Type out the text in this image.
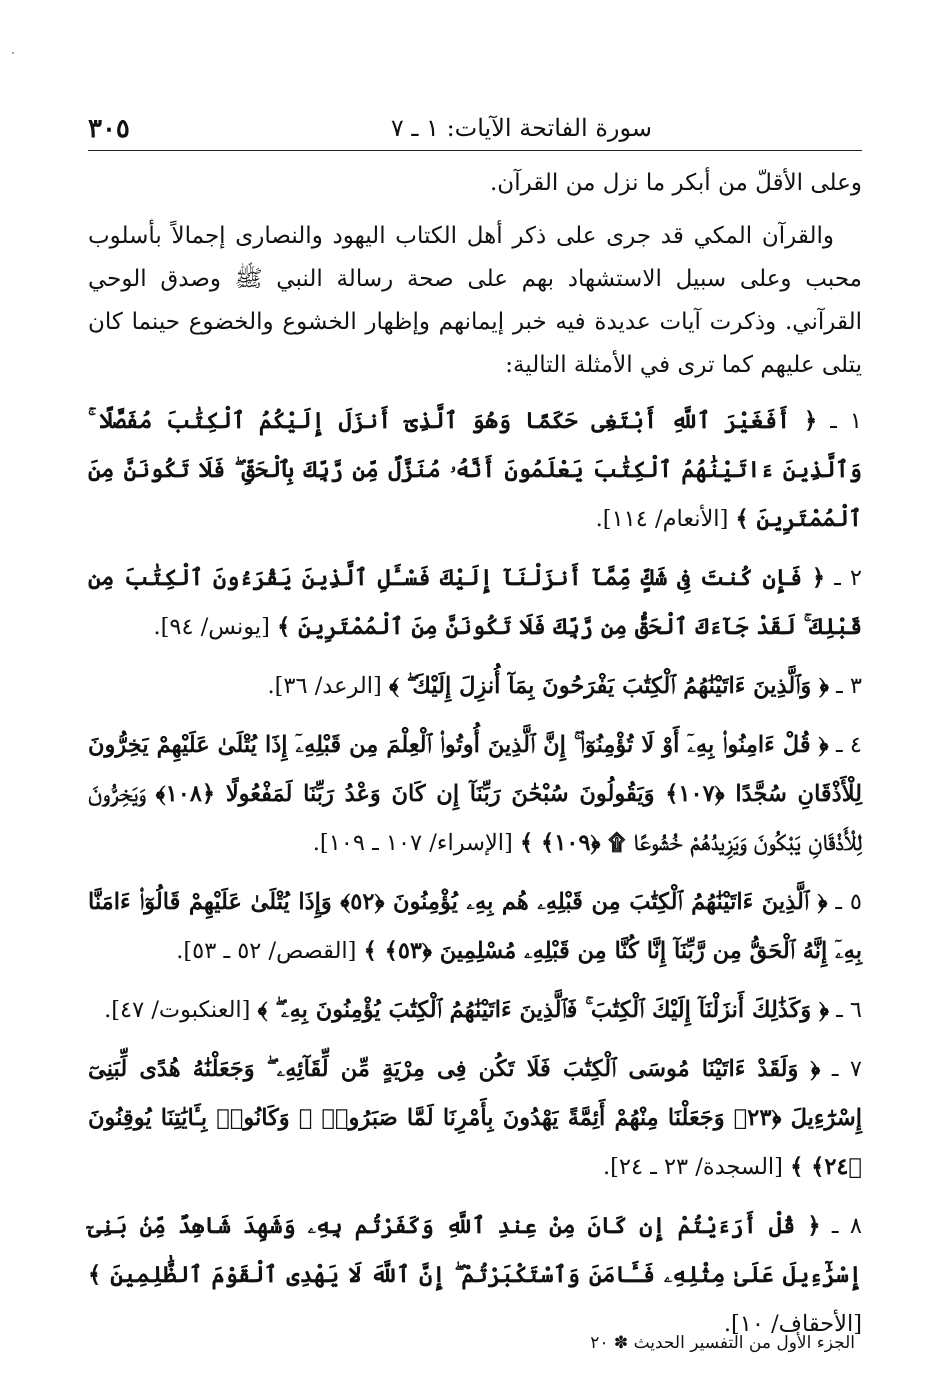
سورة الفاتحة الآيات: ١ ـ ٧
٣٠٥

وعلى الأقلّ من أبكر ما نزل من القرآن.

والقرآن المكي قد جرى على ذكر أهل الكتاب اليهود والنصارى إجمالاً بأسلوب محبب وعلى سبيل الاستشهاد بهم على صحة رسالة النبي ﷺ وصدق الوحي القرآني. وذكرت آيات عديدة فيه خبر إيمانهم وإظهار الخشوع والخضوع حينما كان يتلى عليهم كما ترى في الأمثلة التالية:

١ ـ ﴿ أَفَغَيْرَ ٱللَّهِ أَبْتَغِى حَكَمًا وَهُوَ ٱلَّذِىٓ أَنزَلَ إِلَيْكُمُ ٱلْكِتَٰبَ مُفَصَّلًا ۚ وَٱلَّذِينَ ءَاتَيْنَٰهُمُ ٱلْكِتَٰبَ يَعْلَمُونَ أَنَّهُۥ مُنَزَّلٌ مِّن رَّبِّكَ بِٱلْحَقِّ ۖ فَلَا تَكُونَنَّ مِنَ ٱلْمُمْتَرِينَ ﴾ [الأنعام/ ١١٤].

٢ ـ ﴿ فَإِن كُنتَ فِى شَكٍّ مِّمَّآ أَنزَلْنَآ إِلَيْكَ فَسْـَٔلِ ٱلَّذِينَ يَقْرَءُونَ ٱلْكِتَٰبَ مِن قَبْلِكَ ۚ لَقَدْ جَآءَكَ ٱلْحَقُّ مِن رَّبِّكَ فَلَا تَكُونَنَّ مِنَ ٱلْمُمْتَرِينَ ﴾ [يونس/ ٩٤].

٣ ـ ﴿ وَٱلَّذِينَ ءَاتَيْنَٰهُمُ ٱلْكِتَٰبَ يَفْرَحُونَ بِمَآ أُنزِلَ إِلَيْكَ ۖ ﴾ [الرعد/ ٣٦].

٤ ـ ﴿ قُلْ ءَامِنُوا۟ بِهِۦٓ أَوْ لَا تُؤْمِنُوٓا۟ ۚ إِنَّ ٱلَّذِينَ أُوتُوا۟ ٱلْعِلْمَ مِن قَبْلِهِۦٓ إِذَا يُتْلَىٰ عَلَيْهِمْ يَخِرُّونَ لِلْأَذْقَانِ سُجَّدًا ﴿١٠٧﴾ وَيَقُولُونَ سُبْحَٰنَ رَبِّنَآ إِن كَانَ وَعْدُ رَبِّنَا لَمَفْعُولًا ﴿١٠٨﴾ وَيَخِرُّونَ لِلْأَذْقَانِ يَبْكُونَ وَيَزِيدُهُمْ خُشُوعًا ۩ ﴿١٠٩﴾ ﴾ [الإسراء/ ١٠٧ ـ ١٠٩].

٥ ـ ﴿ ٱلَّذِينَ ءَاتَيْنَٰهُمُ ٱلْكِتَٰبَ مِن قَبْلِهِۦ هُم بِهِۦ يُؤْمِنُونَ ﴿٥٢﴾ وَإِذَا يُتْلَىٰ عَلَيْهِمْ قَالُوٓا۟ ءَامَنَّا بِهِۦٓ إِنَّهُ ٱلْحَقُّ مِن رَّبِّنَآ إِنَّا كُنَّا مِن قَبْلِهِۦ مُسْلِمِينَ ﴿٥٣﴾ ﴾ [القصص/ ٥٢ ـ ٥٣].

٦ ـ ﴿ وَكَذَٰلِكَ أَنزَلْنَآ إِلَيْكَ ٱلْكِتَٰبَ ۚ فَٱلَّذِينَ ءَاتَيْنَٰهُمُ ٱلْكِتَٰبَ يُؤْمِنُونَ بِهِۦ ۖ ﴾ [العنكبوت/ ٤٧].

٧ ـ ﴿ وَلَقَدْ ءَاتَيْنَا مُوسَى ٱلْكِتَٰبَ فَلَا تَكُن فِى مِرْيَةٍ مِّن لِّقَآئِهِۦ ۖ وَجَعَلْنَٰهُ هُدًى لِّبَنِىٓ إِسْرَٰٓءِيلَ ﴿٢٣﴾ وَجَعَلْنَا مِنْهُمْ أَئِمَّةً يَهْدُونَ بِأَمْرِنَا لَمَّا صَبَرُوا۟ ۖ وَكَانُوا۟ بِـَٔايَٰتِنَا يُوقِنُونَ ﴿٢٤﴾ ﴾ [السجدة/ ٢٣ ـ ٢٤].

٨ ـ ﴿ قُلْ أَرَءَيْتُمْ إِن كَانَ مِنْ عِندِ ٱللَّهِ وَكَفَرْتُم بِهِۦ وَشَهِدَ شَاهِدٌ مِّنۢ بَنِىٓ إِسْرَٰٓءِيلَ عَلَىٰ مِثْلِهِۦ فَـَٔامَنَ وَٱسْتَكْبَرْتُمْ ۖ إِنَّ ٱللَّهَ لَا يَهْدِى ٱلْقَوْمَ ٱلظَّٰلِمِينَ ﴾ [الأحقاف/ ١٠].

الجزء الأول من التفسير الحديث ✽ ٢٠
